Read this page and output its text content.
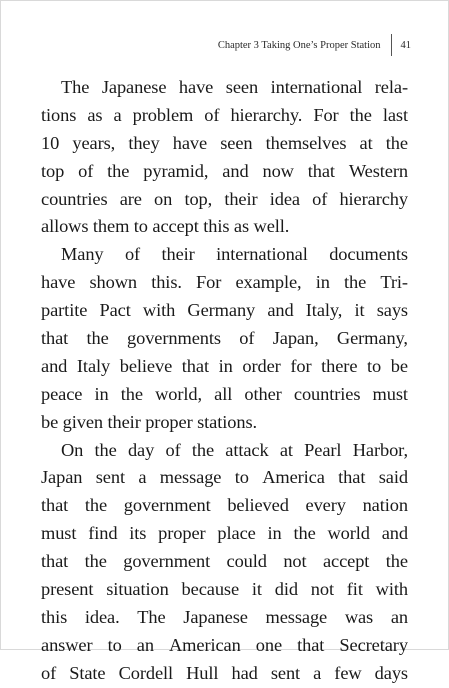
Chapter 3 Taking One’s Proper Station	41
The Japanese have seen international rela-
tions as a problem of hierarchy. For the last
10 years, they have seen themselves at the
top of the pyramid, and now that Western
countries are on top, their idea of hierarchy
allows them to accept this as well.
Many of their international documents
have shown this. For example, in the Tri-
partite Pact with Germany and Italy, it says
that the governments of Japan, Germany,
and Italy believe that in order for there to be
peace in the world, all other countries must
be given their proper stations.
On the day of the attack at Pearl Harbor,
Japan sent a message to America that said
that the government believed every nation
must find its proper place in the world and
that the government could not accept the
present situation because it did not fit with
this idea. The Japanese message was an
answer to an American one that Secretary
of State Cordell Hull had sent a few days
